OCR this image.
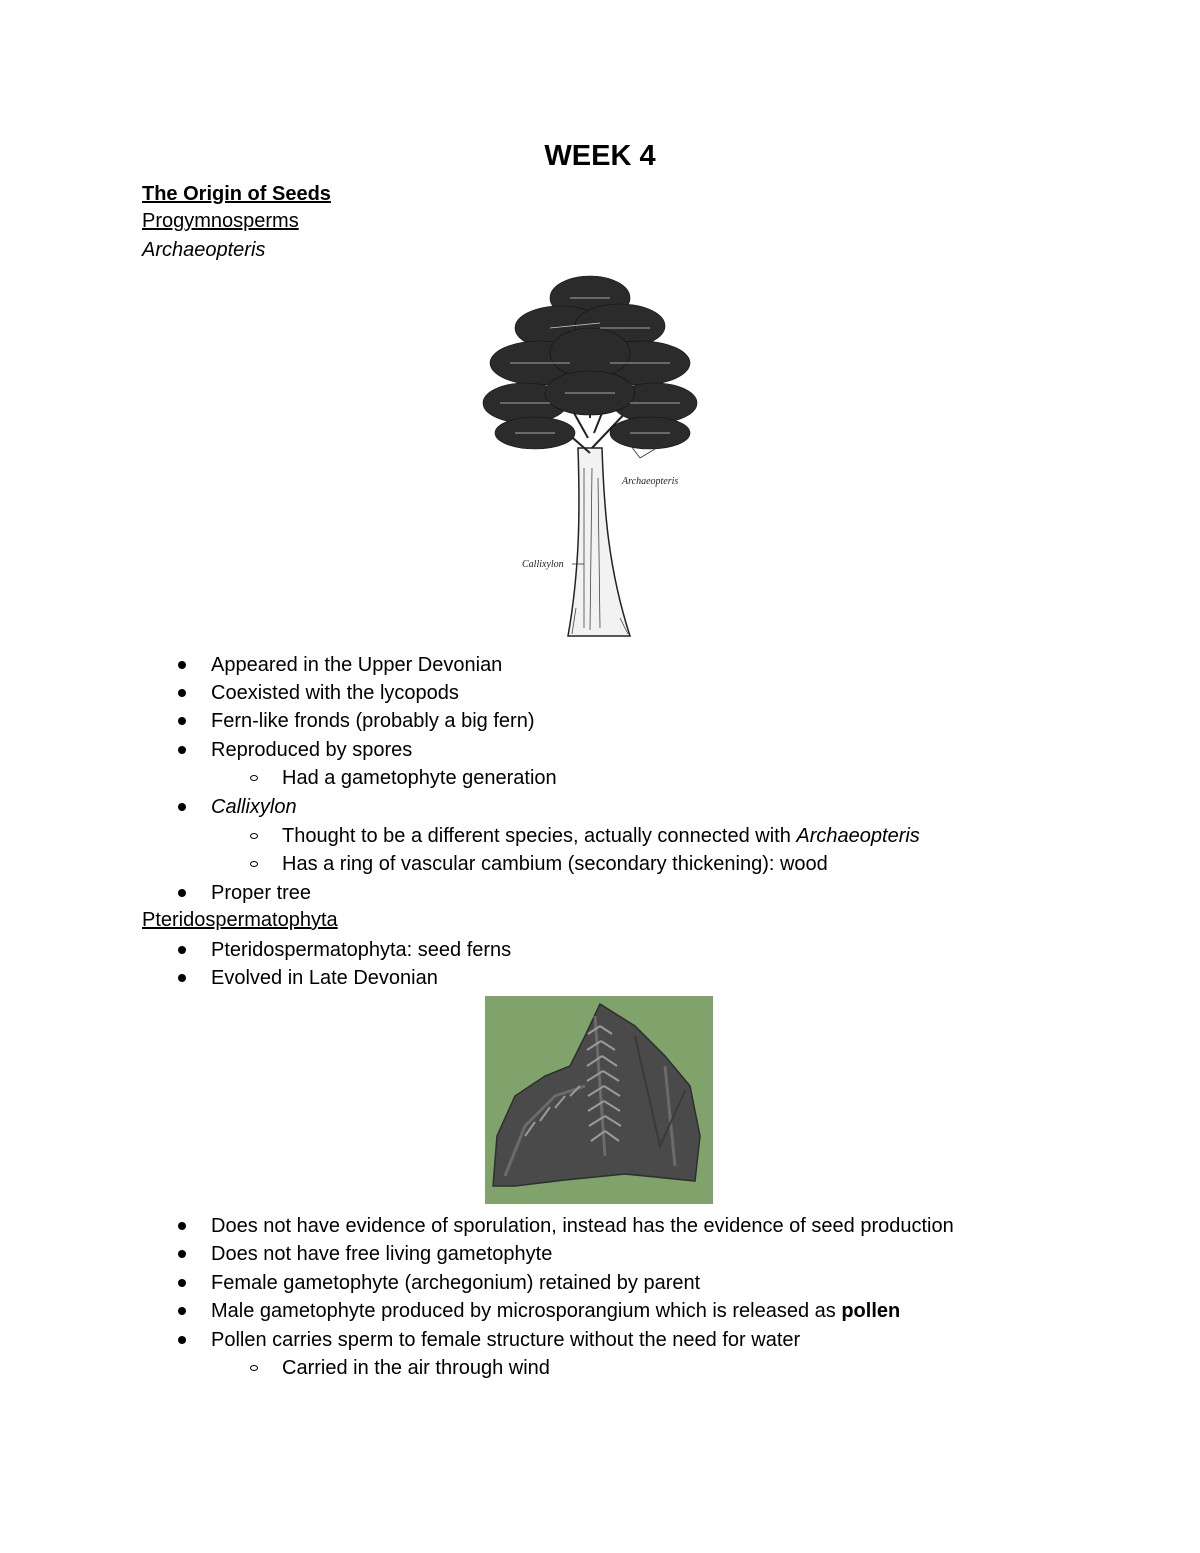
WEEK 4
The Origin of Seeds
Progymnosperms
Archaeopteris
Archaeopteris
Callixylon
Appeared in the Upper Devonian
Coexisted with the lycopods
Fern-like fronds (probably a big fern)
Reproduced by spores
Had a gametophyte generation
Callixylon
Thought to be a different species, actually connected with Archaeopteris
Has a ring of vascular cambium (secondary thickening): wood
Proper tree
Pteridospermatophyta
Pteridospermatophyta: seed ferns
Evolved in Late Devonian
Does not have evidence of sporulation, instead has the evidence of seed production
Does not have free living gametophyte
Female gametophyte (archegonium) retained by parent
Male gametophyte produced by microsporangium which is released as pollen
Pollen carries sperm to female structure without the need for water
Carried in the air through wind
